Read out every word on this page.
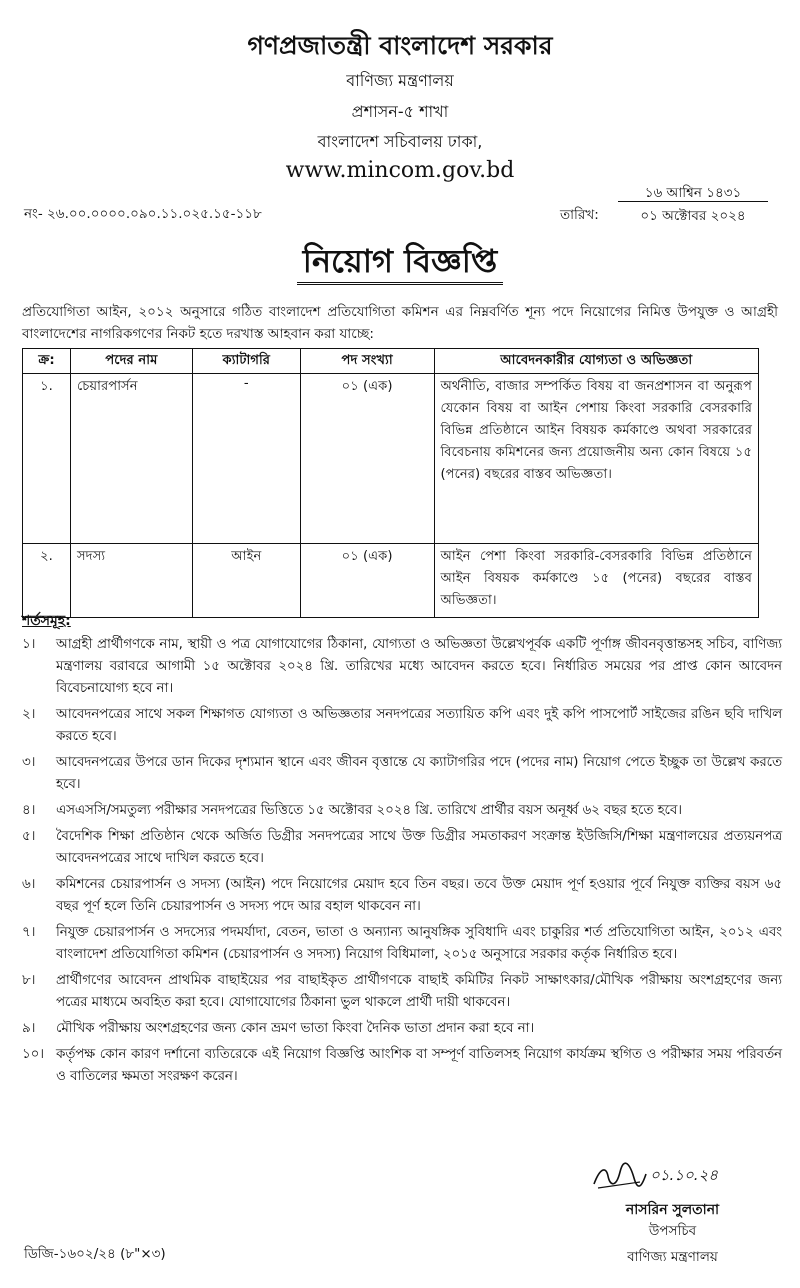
গণপ্রজাতন্ত্রী বাংলাদেশ সরকার
বাণিজ্য মন্ত্রণালয়
প্রশাসন-৫ শাখা
বাংলাদেশ সচিবালয় ঢাকা,
www.mincom.gov.bd
নং- ২৬.০০.০০০০.০৯০.১১.০২৫.১৫-১১৮	তারিখ:
১৬ আশ্বিন ১৪৩১
০১ অক্টোবর ২০২৪
নিয়োগ বিজ্ঞপ্তি
প্রতিযোগিতা আইন, ২০১২ অনুসারে গঠিত বাংলাদেশ প্রতিযোগিতা কমিশন এর নিম্নবর্ণিত শূন্য পদে নিয়োগের নিমিত্ত উপযুক্ত ও আগ্রহী বাংলাদেশের নাগরিকগণের নিকট হতে দরখাস্ত আহবান করা যাচ্ছে:
ক্র:	পদের নাম	ক্যাটাগরি	পদ সংখ্যা	আবেদনকারীর যোগ্যতা ও অভিজ্ঞতা
১.	চেয়ারপার্সন	-	০১ (এক)	অর্থনীতি, বাজার সম্পর্কিত বিষয় বা জনপ্রশাসন বা অনুরূপ যেকোন বিষয় বা আইন পেশায় কিংবা সরকারি বেসরকারি বিভিন্ন প্রতিষ্ঠানে আইন বিষয়ক কর্মকাণ্ডে অথবা সরকারের বিবেচনায় কমিশনের জন্য প্রয়োজনীয় অন্য কোন বিষয়ে ১৫ (পনের) বছরের বাস্তব অভিজ্ঞতা।
২.	সদস্য	আইন	০১ (এক)	আইন পেশা কিংবা সরকারি-বেসরকারি বিভিন্ন প্রতিষ্ঠানে আইন বিষয়ক কর্মকাণ্ডে ১৫ (পনের) বছরের বাস্তব অভিজ্ঞতা।
শর্তসমূহ:
১।	আগ্রহী প্রার্থীগণকে নাম, স্থায়ী ও পত্র যোগাযোগের ঠিকানা, যোগ্যতা ও অভিজ্ঞতা উল্লেখপূর্বক একটি পূর্ণাঙ্গ জীবনবৃত্তান্তসহ সচিব, বাণিজ্য মন্ত্রণালয় বরাবরে আগামী ১৫ অক্টোবর ২০২৪ খ্রি. তারিখের মধ্যে আবেদন করতে হবে। নির্ধারিত সময়ের পর প্রাপ্ত কোন আবেদন বিবেচনাযোগ্য হবে না।
২।	আবেদনপত্রের সাথে সকল শিক্ষাগত যোগ্যতা ও অভিজ্ঞতার সনদপত্রের সত্যায়িত কপি এবং দুই কপি পাসপোর্ট সাইজের রঙিন ছবি দাখিল করতে হবে।
৩।	আবেদনপত্রের উপরে ডান দিকের দৃশ্যমান স্থানে এবং জীবন বৃত্তান্তে যে ক্যাটাগরির পদে (পদের নাম) নিয়োগ পেতে ইচ্ছুক তা উল্লেখ করতে হবে।
৪।	এসএসসি/সমতুল্য পরীক্ষার সনদপত্রের ভিত্তিতে ১৫ অক্টোবর ২০২৪ খ্রি. তারিখে প্রার্থীর বয়স অনূর্ধ্ব ৬২ বছর হতে হবে।
৫।	বৈদেশিক শিক্ষা প্রতিষ্ঠান থেকে অর্জিত ডিগ্রীর সনদপত্রের সাথে উক্ত ডিগ্রীর সমতাকরণ সংক্রান্ত ইউজিসি/শিক্ষা মন্ত্রণালয়ের প্রত্যয়নপত্র আবেদনপত্রের সাথে দাখিল করতে হবে।
৬।	কমিশনের চেয়ারপার্সন ও সদস্য (আইন) পদে নিয়োগের মেয়াদ হবে তিন বছর। তবে উক্ত মেয়াদ পূর্ণ হওয়ার পূর্বে নিযুক্ত ব্যক্তির বয়স ৬৫ বছর পূর্ণ হলে তিনি চেয়ারপার্সন ও সদস্য পদে আর বহাল থাকবেন না।
৭।	নিযুক্ত চেয়ারপার্সন ও সদস্যের পদমর্যাদা, বেতন, ভাতা ও অন্যান্য আনুষঙ্গিক সুবিধাদি এবং চাকুরির শর্ত প্রতিযোগিতা আইন, ২০১২ এবং বাংলাদেশ প্রতিযোগিতা কমিশন (চেয়ারপার্সন ও সদস্য) নিয়োগ বিধিমালা, ২০১৫ অনুসারে সরকার কর্তৃক নির্ধারিত হবে।
৮।	প্রার্থীগণের আবেদন প্রাথমিক বাছাইয়ের পর বাছাইকৃত প্রার্থীগণকে বাছাই কমিটির নিকট সাক্ষাৎকার/মৌখিক পরীক্ষায় অংশগ্রহণের জন্য পত্রের মাধ্যমে অবহিত করা হবে। যোগাযোগের ঠিকানা ভুল থাকলে প্রার্থী দায়ী থাকবেন।
৯।	মৌখিক পরীক্ষায় অংশগ্রহণের জন্য কোন ভ্রমণ ভাতা কিংবা দৈনিক ভাতা প্রদান করা হবে না।
১০। কর্তৃপক্ষ কোন কারণ দর্শানো ব্যতিরেকে এই নিয়োগ বিজ্ঞপ্তি আংশিক বা সম্পূর্ণ বাতিলসহ নিয়োগ কার্যক্রম স্থগিত ও পরীক্ষার সময় পরিবর্তন ও বাতিলের ক্ষমতা সংরক্ষণ করেন।
০১.১০.২৪
নাসরিন সুলতানা
উপসচিব
বাণিজ্য মন্ত্রণালয়
ডিজি-১৬০২/২৪ (৮"×৩)
